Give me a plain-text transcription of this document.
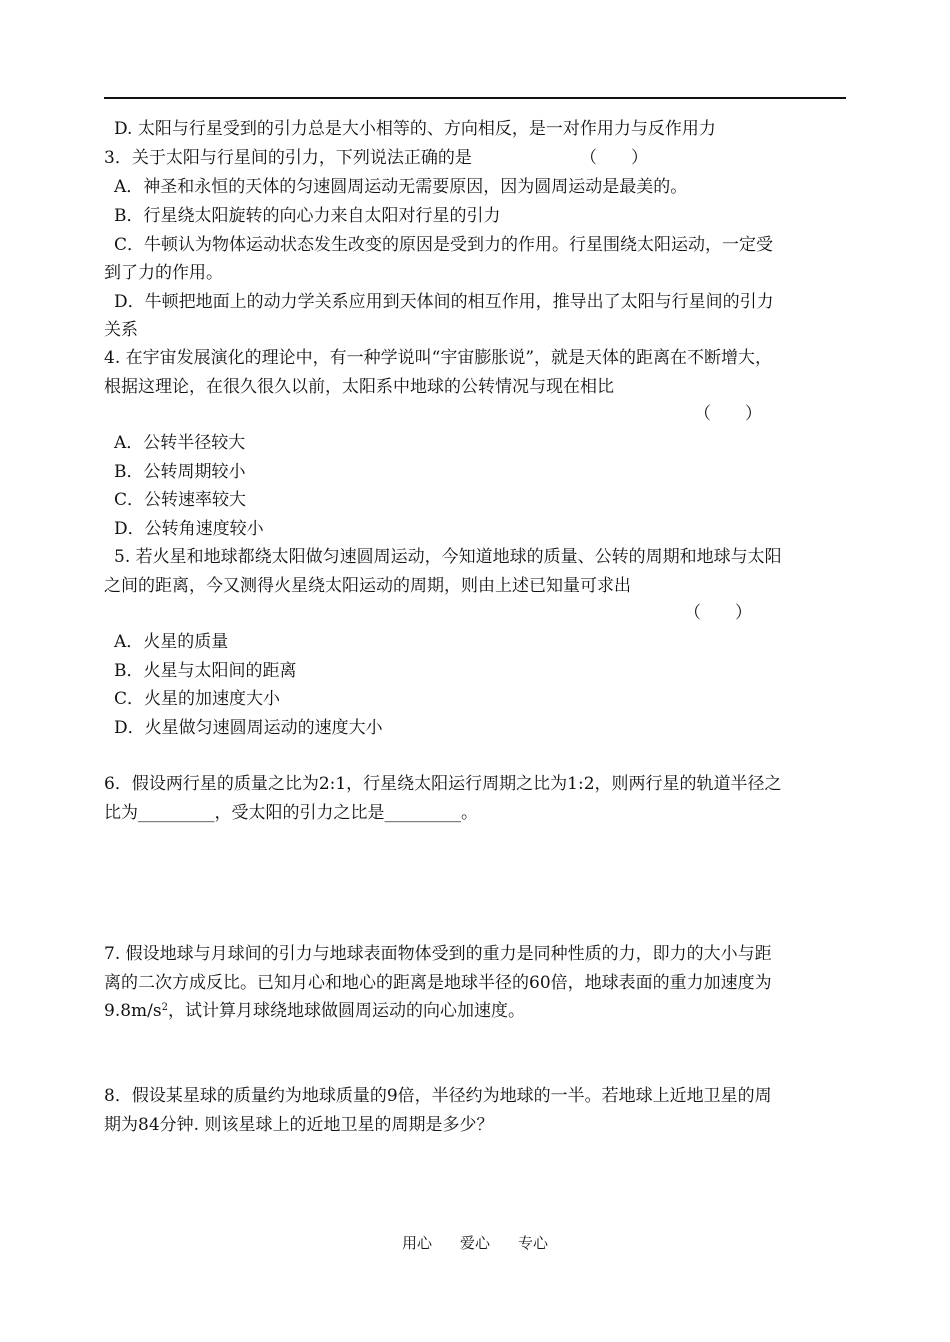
D. 太阳与行星受到的引力总是大小相等的、方向相反，是一对作用力与反作用力
3．关于太阳与行星间的引力，下列说法正确的是	（　　）
A．神圣和永恒的天体的匀速圆周运动无需要原因，因为圆周运动是最美的。
B．行星绕太阳旋转的向心力来自太阳对行星的引力
C．牛顿认为物体运动状态发生改变的原因是受到力的作用。行星围绕太阳运动，一定受
到了力的作用。
D．牛顿把地面上的动力学关系应用到天体间的相互作用，推导出了太阳与行星间的引力
关系
4. 在宇宙发展演化的理论中，有一种学说叫“宇宙膨胀说”，就是天体的距离在不断增大，
根据这理论，在很久很久以前，太阳系中地球的公转情况与现在相比
（　　）
A．公转半径较大
B．公转周期较小
C．公转速率较大
D．公转角速度较小
5. 若火星和地球都绕太阳做匀速圆周运动，今知道地球的质量、公转的周期和地球与太阳
之间的距离，今又测得火星绕太阳运动的周期，则由上述已知量可求出
（　　）
A．火星的质量
B．火星与太阳间的距离
C．火星的加速度大小
D．火星做匀速圆周运动的速度大小
6．假设两行星的质量之比为2:1，行星绕太阳运行周期之比为1:2，则两行星的轨道半径之
比为_________，受太阳的引力之比是_________。
7. 假设地球与月球间的引力与地球表面物体受到的重力是同种性质的力，即力的大小与距
离的二次方成反比。已知月心和地心的距离是地球半径的60倍，地球表面的重力加速度为
$9.8m/s^2$，试计算月球绕地球做圆周运动的向心加速度。
8．假设某星球的质量约为地球质量的9倍，半径约为地球的一半。若地球上近地卫星的周
期为84分钟. 则该星球上的近地卫星的周期是多少？
用心 爱心 专心
